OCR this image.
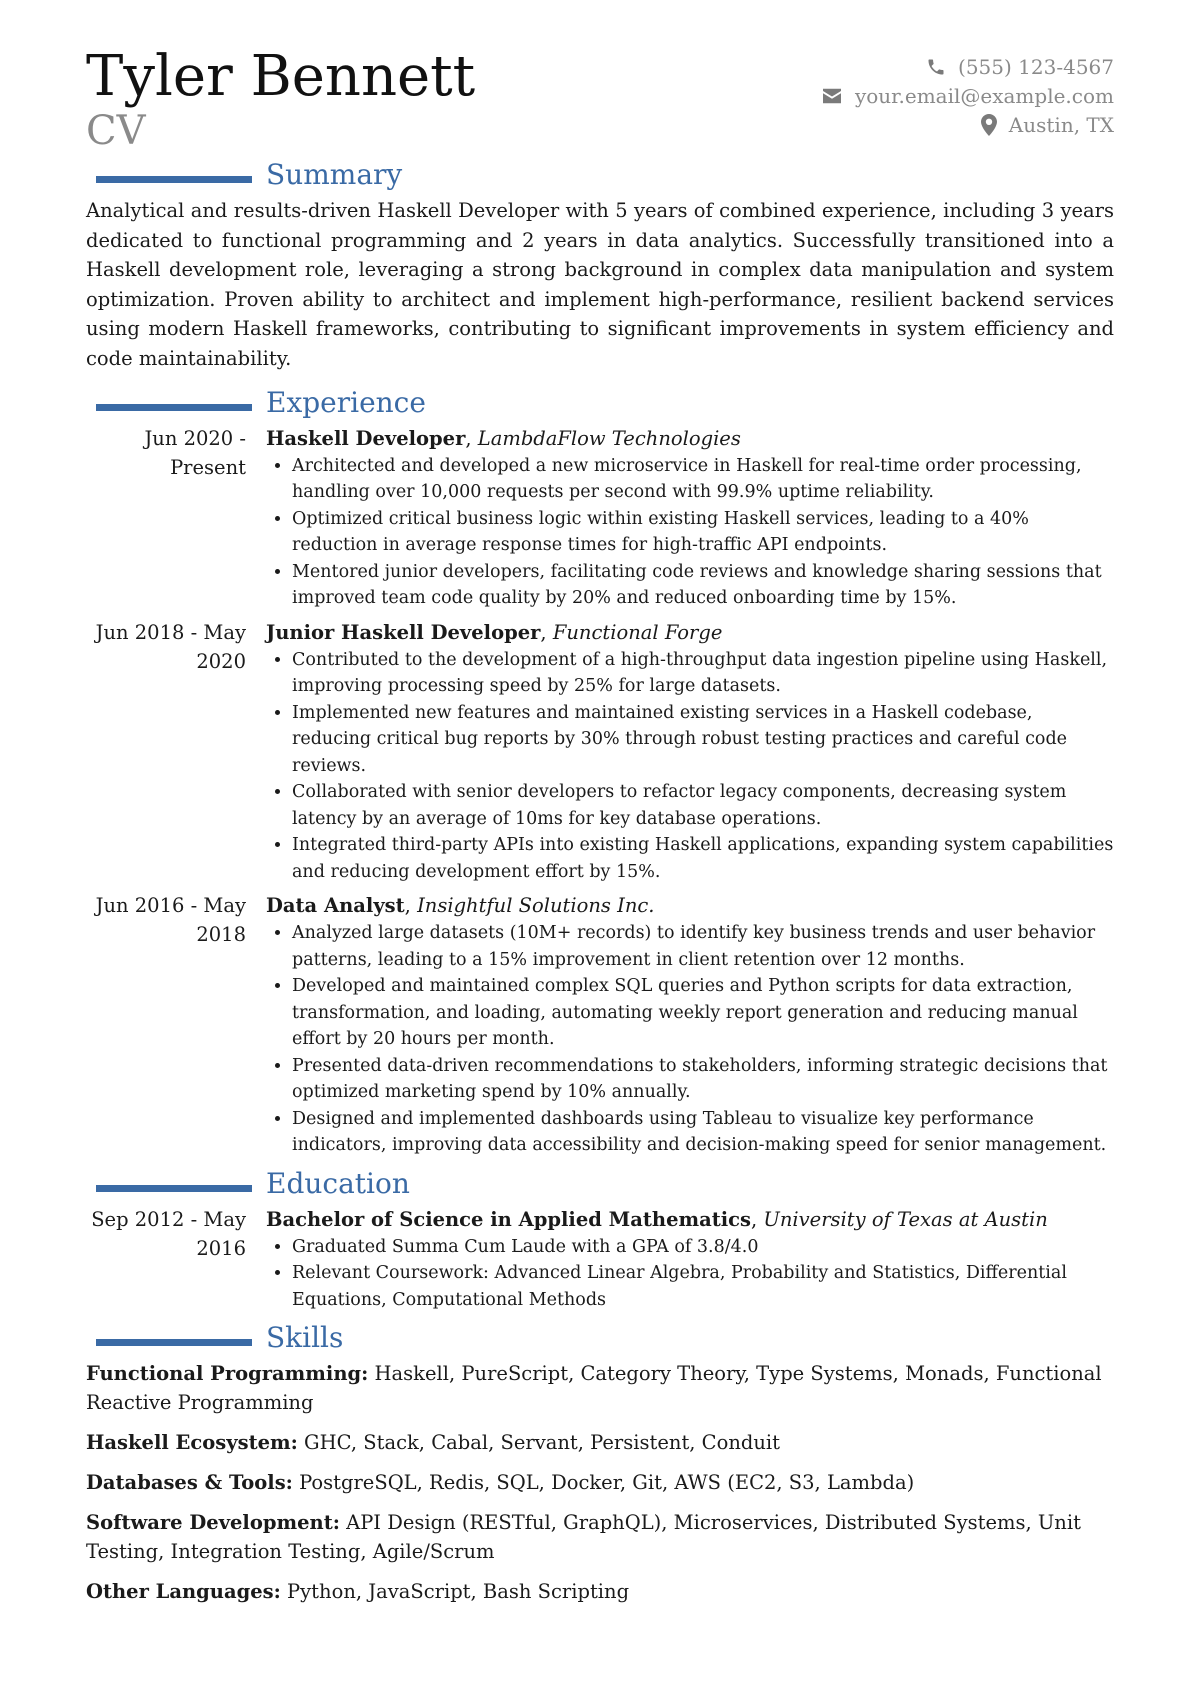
Tyler Bennett
CV
(555) 123-4567
your.email@example.com
Austin, TX
Summary

Analytical and results-driven Haskell Developer with 5 years of combined experience, including 3 years dedicated to functional programming and 2 years in data analytics. Successfully transitioned into a Haskell development role, leveraging a strong background in complex data manipulation and system optimization. Proven ability to architect and implement high-performance, resilient backend services using modern Haskell frameworks, contributing to significant improvements in system efficiency and code maintainability.

Experience
Jun 2020 - Present
Haskell Developer, LambdaFlow Technologies
• Architected and developed a new microservice in Haskell for real-time order processing, handling over 10,000 requests per second with 99.9% uptime reliability.
• Optimized critical business logic within existing Haskell services, leading to a 40% reduction in average response times for high-traffic API endpoints.
• Mentored junior developers, facilitating code reviews and knowledge sharing sessions that improved team code quality by 20% and reduced onboarding time by 15%.
Jun 2018 - May 2020
Junior Haskell Developer, Functional Forge
• Contributed to the development of a high-throughput data ingestion pipeline using Haskell, improving processing speed by 25% for large datasets.
• Implemented new features and maintained existing services in a Haskell codebase, reducing critical bug reports by 30% through robust testing practices and careful code reviews.
• Collaborated with senior developers to refactor legacy components, decreasing system latency by an average of 10ms for key database operations.
• Integrated third-party APIs into existing Haskell applications, expanding system capabilities and reducing development effort by 15%.
Jun 2016 - May 2018
Data Analyst, Insightful Solutions Inc.
• Analyzed large datasets (10M+ records) to identify key business trends and user behavior patterns, leading to a 15% improvement in client retention over 12 months.
• Developed and maintained complex SQL queries and Python scripts for data extraction, transformation, and loading, automating weekly report generation and reducing manual effort by 20 hours per month.
• Presented data-driven recommendations to stakeholders, informing strategic decisions that optimized marketing spend by 10% annually.
• Designed and implemented dashboards using Tableau to visualize key performance indicators, improving data accessibility and decision-making speed for senior management.
Education
Sep 2012 - May 2016
Bachelor of Science in Applied Mathematics, University of Texas at Austin
• Graduated Summa Cum Laude with a GPA of 3.8/4.0
• Relevant Coursework: Advanced Linear Algebra, Probability and Statistics, Differential Equations, Computational Methods
Skills

Functional Programming: Haskell, PureScript, Category Theory, Type Systems, Monads, Functional Reactive Programming

Haskell Ecosystem: GHC, Stack, Cabal, Servant, Persistent, Conduit

Databases & Tools: PostgreSQL, Redis, SQL, Docker, Git, AWS (EC2, S3, Lambda)

Software Development: API Design (RESTful, GraphQL), Microservices, Distributed Systems, Unit Testing, Integration Testing, Agile/Scrum

Other Languages: Python, JavaScript, Bash Scripting
